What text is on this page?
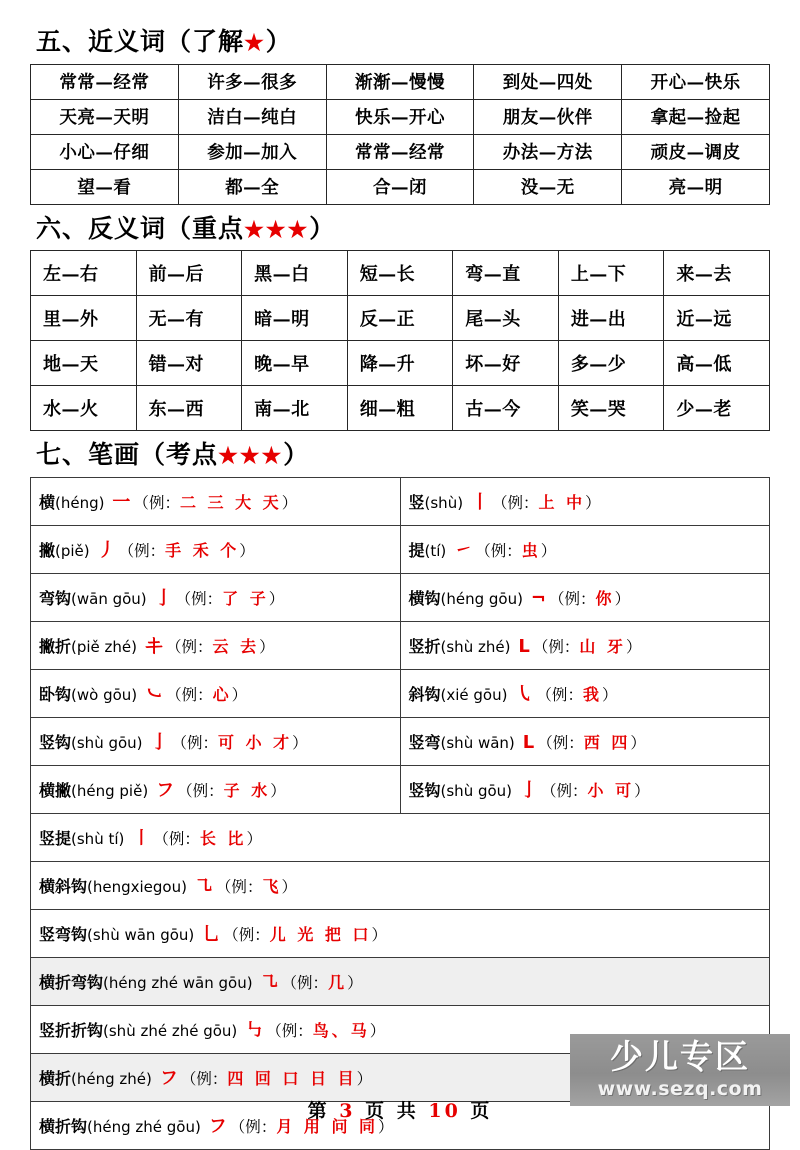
五、近义词（了解★）
常常—经常	许多—很多	渐渐—慢慢	到处—四处	开心—快乐
天亮—天明	洁白—纯白	快乐—开心	朋友—伙伴	拿起—捡起
小心—仔细	参加—加入	常常—经常	办法—方法	顽皮—调皮
望—看	都—全	合—闭	没—无	亮—明
六、反义词（重点★★★）
左—右	前—后	黑—白	短—长	弯—直	上—下	来—去
里—外	无—有	暗—明	反—正	尾—头	进—出	近—远
地—天	错—对	晚—早	降—升	坏—好	多—少	高—低
水—火	东—西	南—北	细—粗	古—今	笑—哭	少—老
七、笔画（考点★★★）
横(héng) 一 （例：二 三 大 天）	竖(shù) 丨 （例：上 中）
撇(piě) 丿 （例：手 禾 个）	提(tí) ㇀ （例：虫）
弯钩(wān gōu) 亅 （例：了 子）	横钩(héng gōu) ¬ （例：你）
撇折(piě zhé) 𰀁 （例：云 去）	竖折(shù zhé) L （例：山 牙）
卧钩(wò gōu) ㇃ （例：心）	斜钩(xié gōu) ㇂ （例：我）
竖钩(shù gōu) 亅 （例：可 小 才）	竖弯(shù wān) L （例：西 四）
横撇(héng piě) フ （例：子 水）	竖钩(shù gōu) 亅 （例：小 可）
竖提(shù tí) ㇑ （例：长 比）	
横斜钩(hengxiegou) ㇈ （例：飞）	
竖弯钩(shù wān gōu) 乚 （例：儿 光 把 口）	
横折弯钩(héng zhé wān gōu) ㇈ （例：几）	
竖折折钩(shù zhé zhé gōu) ㇉ （例：鸟、马）	
横折(héng zhé) フ （例：四 回 口 日 目）	
横折钩(héng zhé gōu) フ （例：月 用 问 同）	
少儿专区
www.sezq.com
第 3 页 共 10 页
